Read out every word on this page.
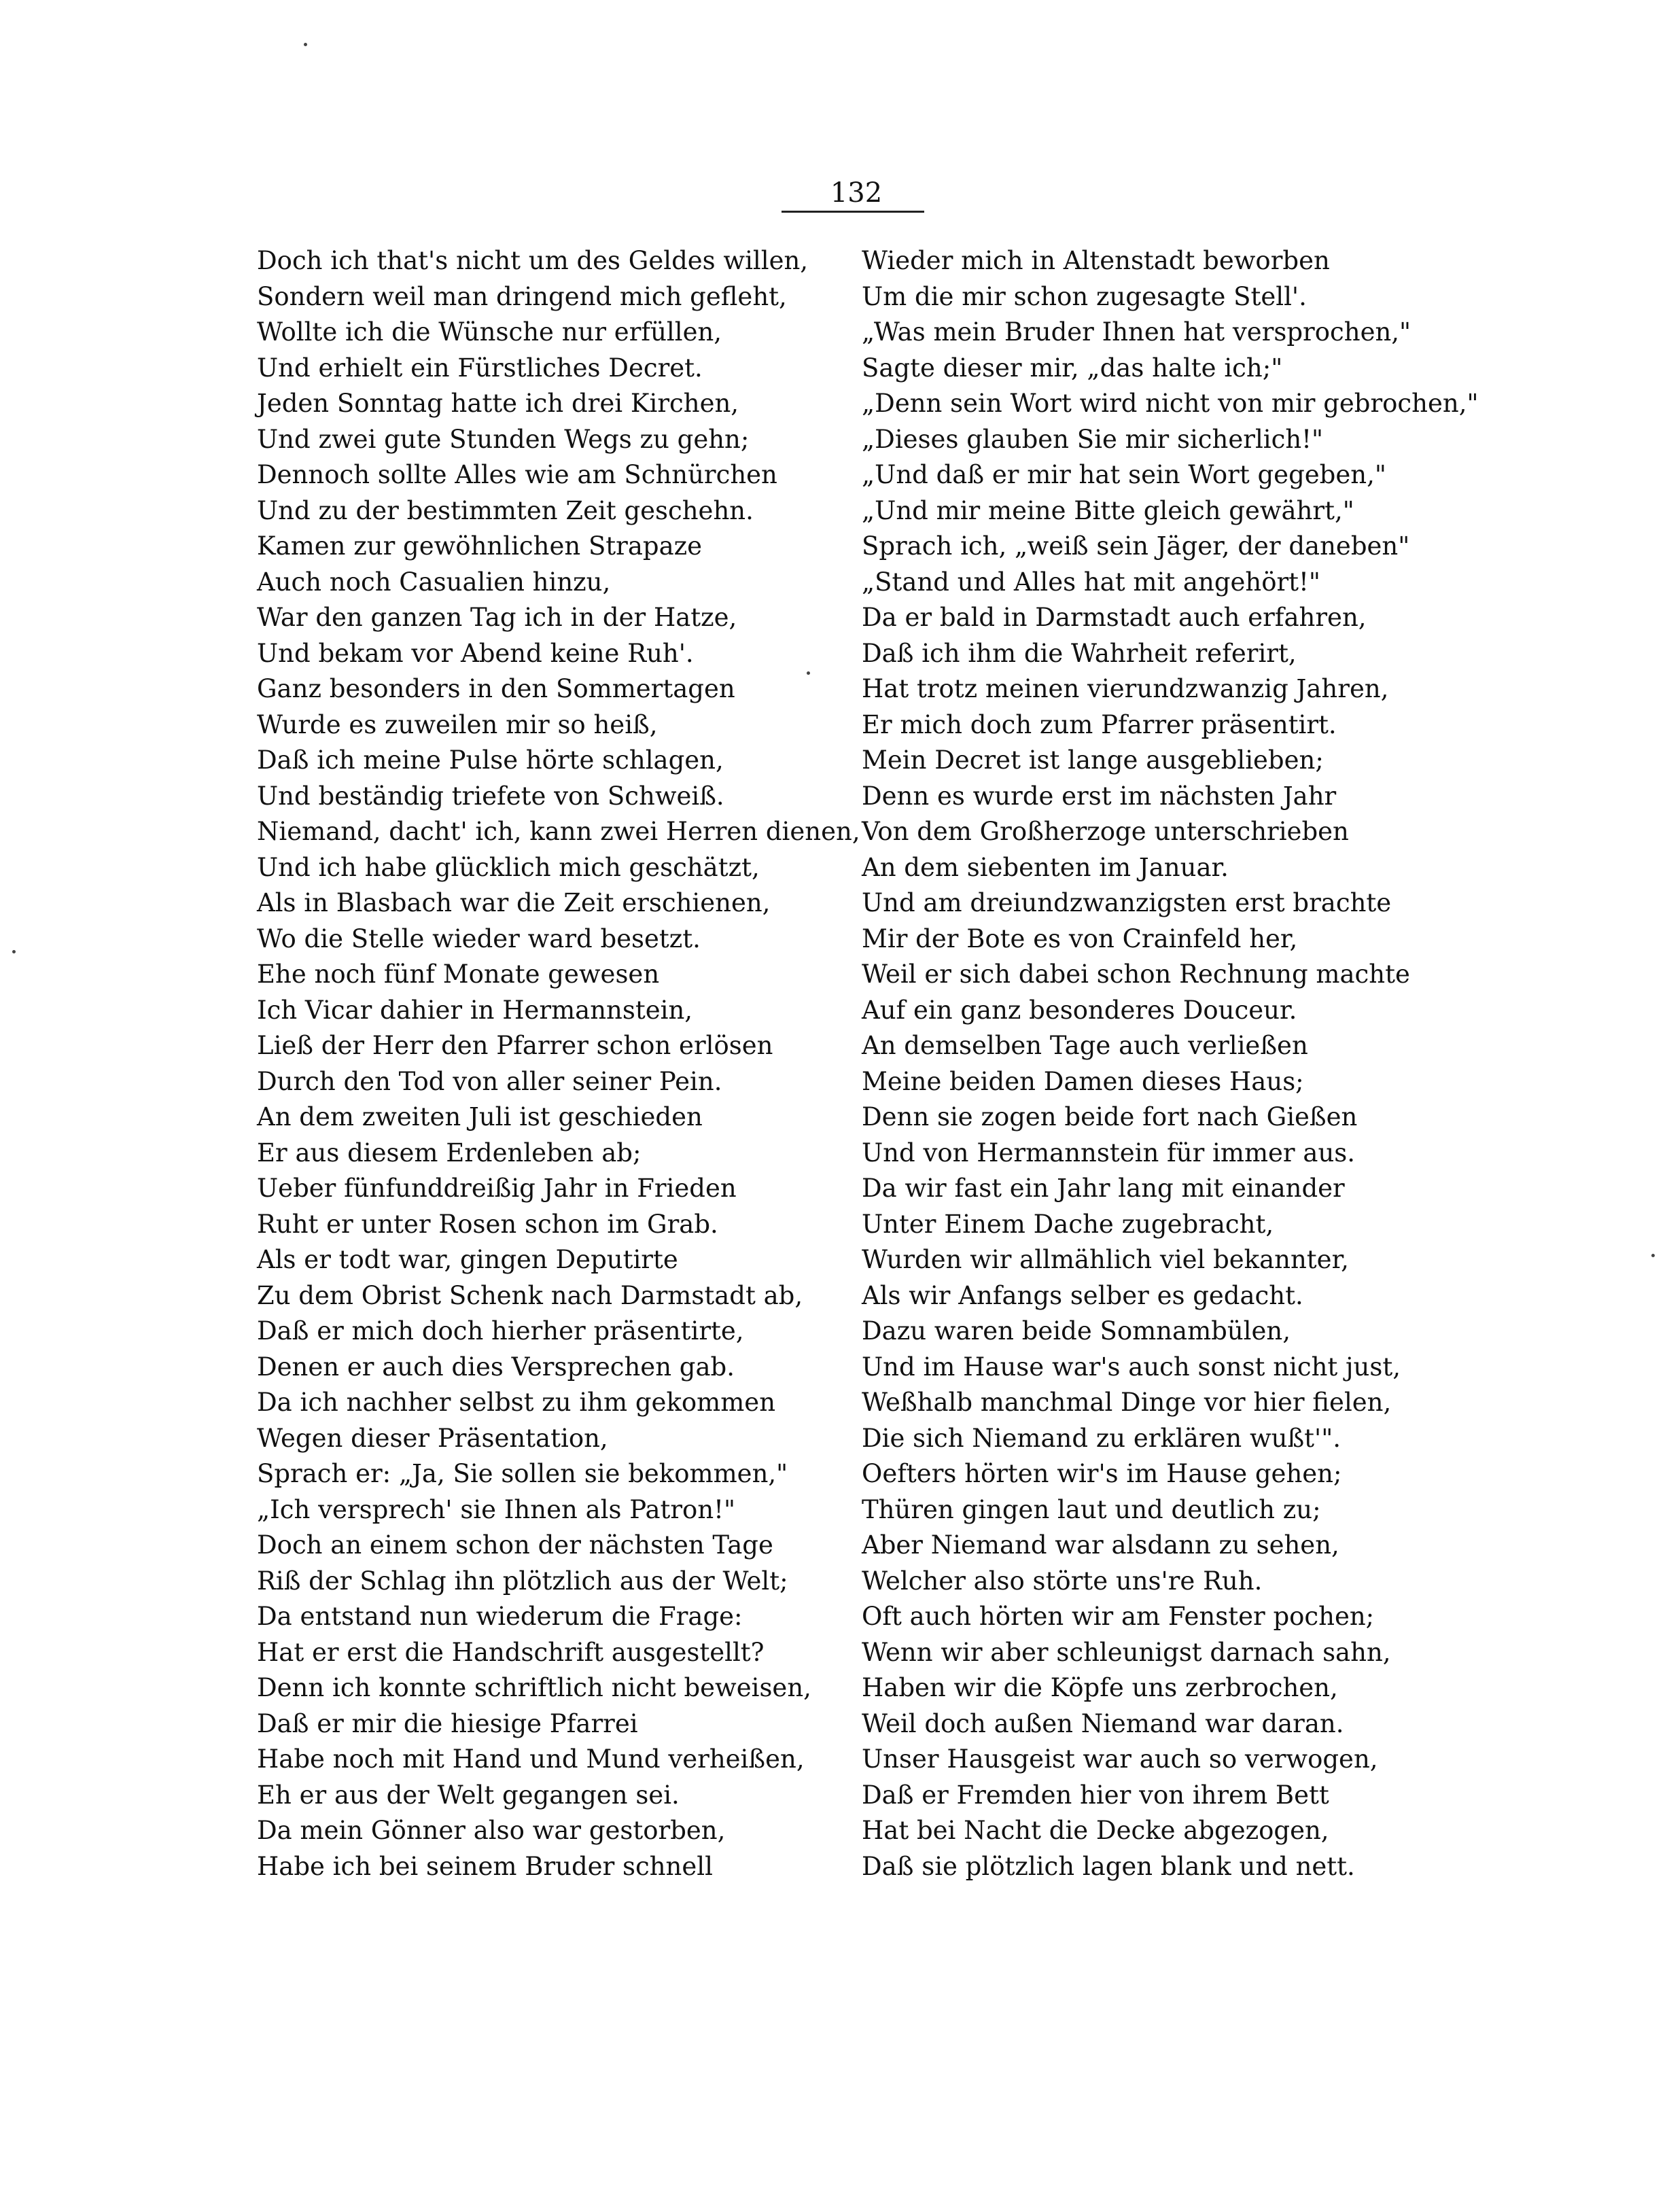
132
Doch ich that's nicht um des Geldes willen,
Sondern weil man dringend mich gefleht,
Wollte ich die Wünsche nur erfüllen,
Und erhielt ein Fürstliches Decret.
Jeden Sonntag hatte ich drei Kirchen,
Und zwei gute Stunden Wegs zu gehn;
Dennoch sollte Alles wie am Schnürchen
Und zu der bestimmten Zeit geschehn.
Kamen zur gewöhnlichen Strapaze
Auch noch Casualien hinzu,
War den ganzen Tag ich in der Hatze,
Und bekam vor Abend keine Ruh'.
Ganz besonders in den Sommertagen
Wurde es zuweilen mir so heiß,
Daß ich meine Pulse hörte schlagen,
Und beständig triefete von Schweiß.
Niemand, dacht' ich, kann zwei Herren dienen,
Und ich habe glücklich mich geschätzt,
Als in Blasbach war die Zeit erschienen,
Wo die Stelle wieder ward besetzt.
Ehe noch fünf Monate gewesen
Ich Vicar dahier in Hermannstein,
Ließ der Herr den Pfarrer schon erlösen
Durch den Tod von aller seiner Pein.
An dem zweiten Juli ist geschieden
Er aus diesem Erdenleben ab;
Ueber fünfunddreißig Jahr in Frieden
Ruht er unter Rosen schon im Grab.
Als er todt war, gingen Deputirte
Zu dem Obrist Schenk nach Darmstadt ab,
Daß er mich doch hierher präsentirte,
Denen er auch dies Versprechen gab.
Da ich nachher selbst zu ihm gekommen
Wegen dieser Präsentation,
Sprach er: „Ja, Sie sollen sie bekommen,"
„Ich versprech' sie Ihnen als Patron!"
Doch an einem schon der nächsten Tage
Riß der Schlag ihn plötzlich aus der Welt;
Da entstand nun wiederum die Frage:
Hat er erst die Handschrift ausgestellt?
Denn ich konnte schriftlich nicht beweisen,
Daß er mir die hiesige Pfarrei
Habe noch mit Hand und Mund verheißen,
Eh er aus der Welt gegangen sei.
Da mein Gönner also war gestorben,
Habe ich bei seinem Bruder schnell
Wieder mich in Altenstadt beworben
Um die mir schon zugesagte Stell'.
„Was mein Bruder Ihnen hat versprochen,"
Sagte dieser mir, „das halte ich;"
„Denn sein Wort wird nicht von mir gebrochen,"
„Dieses glauben Sie mir sicherlich!"
„Und daß er mir hat sein Wort gegeben,"
„Und mir meine Bitte gleich gewährt,"
Sprach ich, „weiß sein Jäger, der daneben"
„Stand und Alles hat mit angehört!"
Da er bald in Darmstadt auch erfahren,
Daß ich ihm die Wahrheit referirt,
Hat trotz meinen vierundzwanzig Jahren,
Er mich doch zum Pfarrer präsentirt.
Mein Decret ist lange ausgeblieben;
Denn es wurde erst im nächsten Jahr
Von dem Großherzoge unterschrieben
An dem siebenten im Januar.
Und am dreiundzwanzigsten erst brachte
Mir der Bote es von Crainfeld her,
Weil er sich dabei schon Rechnung machte
Auf ein ganz besonderes Douceur.
An demselben Tage auch verließen
Meine beiden Damen dieses Haus;
Denn sie zogen beide fort nach Gießen
Und von Hermannstein für immer aus.
Da wir fast ein Jahr lang mit einander
Unter Einem Dache zugebracht,
Wurden wir allmählich viel bekannter,
Als wir Anfangs selber es gedacht.
Dazu waren beide Somnambülen,
Und im Hause war's auch sonst nicht just,
Weßhalb manchmal Dinge vor hier fielen,
Die sich Niemand zu erklären wußt'".
Oefters hörten wir's im Hause gehen;
Thüren gingen laut und deutlich zu;
Aber Niemand war alsdann zu sehen,
Welcher also störte uns're Ruh.
Oft auch hörten wir am Fenster pochen;
Wenn wir aber schleunigst darnach sahn,
Haben wir die Köpfe uns zerbrochen,
Weil doch außen Niemand war daran.
Unser Hausgeist war auch so verwogen,
Daß er Fremden hier von ihrem Bett
Hat bei Nacht die Decke abgezogen,
Daß sie plötzlich lagen blank und nett.
